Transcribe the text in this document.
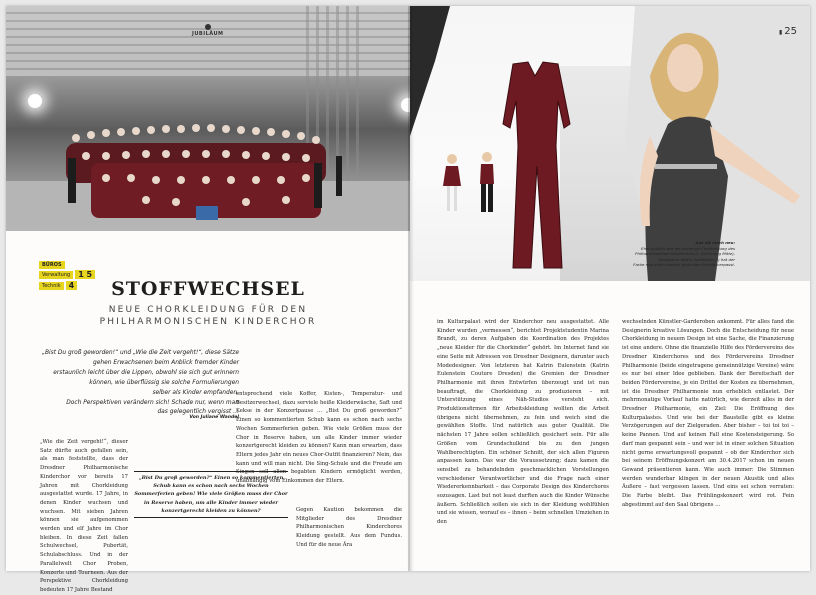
JUBILÄUM
BÜROS
Verwaltung	1 5
Technik	4	STOFFWECHSEL
NEUE CHORKLEIDUNG FÜR DEN
PHILHARMONISCHEN KINDERCHOR
„Bist Du groß geworden!“ und „Wie die Zeit vergeht!“, diese Sätze
gehen Erwachsenen beim Anblick fremder Kinder
erstaunlich leicht über die Lippen, obwohl sie sich gut erinnern
können, wie überflüssig sie solche Formulierungen
selber als Kinder empfanden.
Doch Perspektiven verändern sich! Schade nur, wenn man
das gelegentlich vergisst …
Von Juliane Wandel
„Wie die Zeit vergeht!“, dieser Satz dürfte auch gefallen sein, als man feststellte, dass der Dresdner Philharmonische Kinderchor vor bereits 17 Jahren mit Chorkleidung ausgestattet wurde. 17 Jahre, in denen Kinder wuchsen und wuchsen. Mit sieben Jahren können sie aufgenommen werden und elf Jahre im Chor bleiben. In diese Zeit fallen Schulwechsel, Pubertät, Schulabschluss. Und in der Parallelwelt Chor Proben, Konzerte und Tourneen. Aus der Perspektive Chorkleidung bedeuten 17 Jahre Bestand
entsprechend viele Koffer, Kisten-, Temperatur- und Besitzerwechsel, dazu serviele heiße Kleiderwäsche, Saft und Kekse in der Konzertpause … „Bist Du groß geworden?“ Einen so kommentierten Schub kann es schon nach sechs Wochen Sommerferien geben. Wie viele Größen muss der Chor in Reserve haben, um alle Kinder immer wieder konzertgerecht kleiden zu können? Kann man erwarten, dass Eltern jedes Jahr ein neues Chor-Outfit finanzieren? Nein, das kann und will man nicht. Die Sing-Schule und die Freude am Singen soll allen begabten Kindern ermöglicht werden, unabhängig vom Einkommen der Eltern.
„Bist Du groß geworden?“ Einen so kommentierten Schub kann es schon nach sechs Wochen Sommerferien geben! Wie viele Größen muss der Chor in Reserve haben, um alle Kinder immer wieder konzertgerecht kleiden zu können?	Gegen Kaution bekommen die Mitglieder des Dresdner Philharmonischen Kinderchores Kleidung gestellt. Aus dem Fundus. Und für die neue Ära
▮ 25
Aus alt mach neu:
Eher südlich war die bisherige Chorkleidung des
Philharmonischen Kinderchors (l. Zeichnung Mitte).
Designerin Katrin Eulenstein (r) hat der
Farbe nun einen ebenso glutvollen Schnitt verpasst.
im Kulturpalast wird der Kinderchor neu ausgestattet. Alle Kinder wurden „vermessen“, berichtet Projektstudentin Marina Brandt, zu deren Aufgaben die Koordination des Projektes „neue Kleider für die Chorkinder“ gehört. Im Internet fand sie eine Seite mit Adressen von Dresdner Designern, darunter auch Modedesigner. Von letzteren hat Katrin Eulenstein (Katrin Eulenstein Couture Dresden) die Gremien der Dresdner Philharmonie mit ihren Entwürfen überzeugt und ist nun beauftragt, die Chorkleidung zu produzieren – mit Unterstützung eines Näh-Studios versteht sich. Produktionsfirmen für Arbeitskleidung wollten die Arbeit übrigens nicht übernehmen, zu fein und weich sind die gewählten Stoffe. Und natürlich aus guter Qualität. Die nächsten 17 Jahre sollen schließlich gesichert sein. Für alle Größen vom Grundschulkind bis zu den jungen Wahlberechtigten. Ein schöner Schnitt, der sich allen Figuren anpassen kann. Das war die Voraussetzung; dazu kamen die sensibel zu behandelnden geschmacklichen Vorstellungen verschiedener Verantwortlicher und die Frage nach einer Wiedererkennbarkeit – das Corporate Design des Kinderchores sozusagen. Last but not least durften auch die Kinder Wünsche äußern. Schließlich sollen sie sich in der Kleidung wohlfühlen und sie wissen, worauf es – ihnen – beim schnellen Umziehen in den
wechselnden Künstler-Garderoben ankommt. Für alles fand die Designerin kreative Lösungen. Doch die Entscheidung für neue Chorkleidung in neuem Design ist eine Sache, die Finanzierung ist eine andere. Ohne die finanzielle Hilfe des Fördervereins des Dresdner Kinderchores und des Fördervereins Dresdner Philharmonie (beide eingetragene gemeinnützige Vereine) wäre es nur bei einer Idee geblieben. Dank der Bereitschaft der beiden Fördervereine, je ein Drittel der Kosten zu übernehmen, ist die Dresdner Philharmonie nun erheblich entlastet. Der mehrmonatige Vorlauf hatte natürlich, wie derzeit alles in der Dresdner Philharmonie, ein Ziel: Die Eröffnung des Kulturpalastes. Und wie bei der Baustelle gibt es kleine Verzögerungen auf der Zielgeraden. Aber bisher – toi toi toi – keine Pannen. Und auf keinen Fall eine Kostensteigerung. So darf man gespannt sein – und wer ist in einer solchen Situation nicht gerne erwartungsvoll gespannt – ob der Kinderchor sich bei seinem Eröffnungskonzert am 30.4.2017 schon im neuen Gewand präsentieren kann. Wie auch immer: Die Stimmen werden wunderbar klingen in der neuen Akustik und alles Äußere – fast vergessen lassen. Und eins sei schon verraten: Die Farbe bleibt. Das Frühlingskonzert wird rot. Fein abgestimmt auf den Saal übrigens …
